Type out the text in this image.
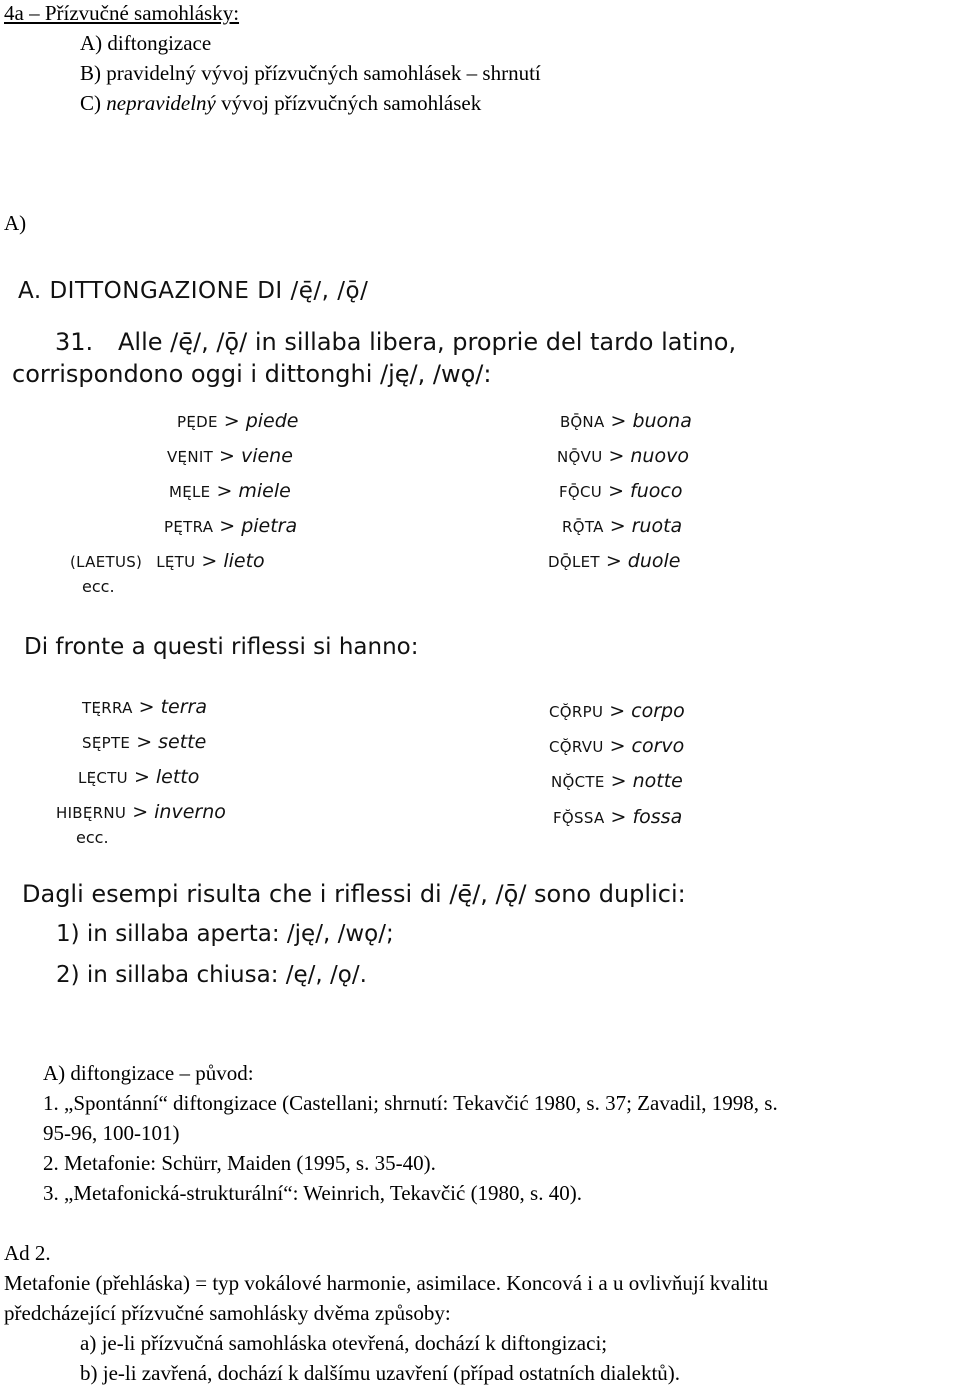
4a – Přízvučné samohlásky:
A) diftongizace
B) pravidelný vývoj přízvučných samohlásek – shrnutí
C) nepravidelný vývoj přízvučných samohlásek
A)
A. DITTONGAZIONE DI /ę̄/, /ǭ/
31. Alle /ę̄/, /ǭ/ in sillaba libera, proprie del tardo latino,
corrispondono oggi i dittonghi /ję/, /wǫ/:
PĘ̄DE > piede
VĘ̄NIT > viene
MĘ̄LE > miele
PĘ̄TRA > pietra
(LAETUS) LĘ̄TU > lieto
ecc.
BǬNA > buona
NǬVU > nuovo
FǬCU > fuoco
RǬTA > ruota
DǬLET > duole
Di fronte a questi riflessi si hanno:
TĘ̆RRA > terra
SĘ̆PTE > sette
LĘ̆CTU > letto
HIBĘ̆RNU > inverno
ecc.
CǪ̆RPU > corpo
CǪ̆RVU > corvo
NǪ̆CTE > notte
FǪ̆SSA > fossa
Dagli esempi risulta che i riflessi di /ę̄/, /ǭ/ sono duplici:
1) in sillaba aperta: /ję/, /wǫ/;
2) in sillaba chiusa: /ę/, /ǫ/.
A) diftongizace – původ:
1. „Spontánní“ diftongizace (Castellani; shrnutí: Tekavčić 1980, s. 37; Zavadil, 1998, s.
95-96, 100-101)
2. Metafonie: Schürr, Maiden (1995, s. 35-40).
3. „Metafonická-strukturální“: Weinrich, Tekavčić (1980, s. 40).
Ad 2.
Metafonie (přehláska) = typ vokálové harmonie, asimilace. Koncová i a u ovlivňují kvalitu
předcházející přízvučné samohlásky dvěma způsoby:
a) je-li přízvučná samohláska otevřená, dochází k diftongizaci;
b) je-li zavřená, dochází k dalšímu uzavření (případ ostatních dialektů).
